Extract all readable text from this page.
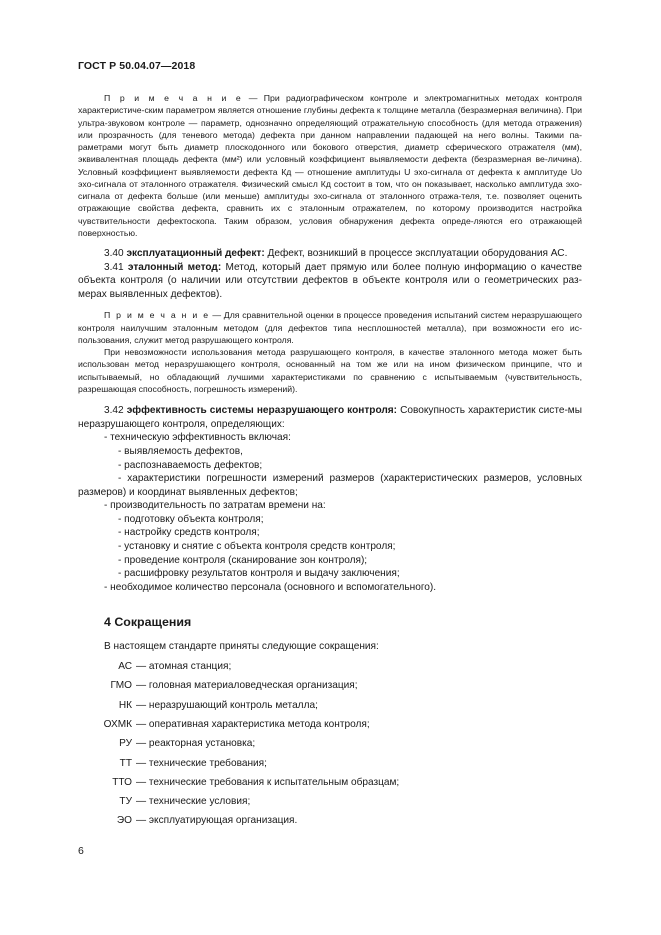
ГОСТ Р 50.04.07—2018

П р и м е ч а н и е — При радиографическом контроле и электромагнитных методах контроля характеристиче-ским параметром является отношение глубины дефекта к толщине металла (безразмерная величина). При ультра-звуковом контроле — параметр, однозначно определяющий отражательную способность (для метода отражения) или прозрачность (для теневого метода) дефекта при данном направлении падающей на него волны. Такими па-раметрами могут быть диаметр плоскодонного или бокового отверстия, диаметр сферического отражателя (мм), эквивалентная площадь дефекта (мм²) или условный коэффициент выявляемости дефекта (безразмерная ве-личина). Условный коэффициент выявляемости дефекта Кд — отношение амплитуды U эхо-сигнала от дефекта к амплитуде Uo эхо-сигнала от эталонного отражателя. Физический смысл Кд состоит в том, что он показывает, насколько амплитуда эхо-сигнала от дефекта больше (или меньше) амплитуды эхо-сигнала от эталонного отража-теля, т.е. позволяет оценить отражающие свойства дефекта, сравнить их с эталонным отражателем, по которому производится настройка чувствительности дефектоскопа. Таким образом, условия обнаружения дефекта опреде-ляются его отражающей поверхностью.

3.40 эксплуатационный дефект: Дефект, возникший в процессе эксплуатации оборудования АС.

3.41 эталонный метод: Метод, который дает прямую или более полную информацию о качестве объекта контроля (о наличии или отсутствии дефектов в объекте контроля или о геометрических раз-мерах выявленных дефектов).

П р и м е ч а н и е — Для сравнительной оценки в процессе проведения испытаний систем неразрушающего контроля наилучшим эталонным методом (для дефектов типа несплошностей металла), при возможности его ис-пользования, служит метод разрушающего контроля.

При невозможности использования метода разрушающего контроля, в качестве эталонного метода может быть использован метод неразрушающего контроля, основанный на том же или на ином физическом принципе, что и испытываемый, но обладающий лучшими характеристиками по сравнению с испытываемым (чувствительность, разрешающая способность, погрешность измерений).

3.42 эффективность системы неразрушающего контроля: Совокупность характеристик систе-мы неразрушающего контроля, определяющих:

- техническую эффективность включая:

- выявляемость дефектов,

- распознаваемость дефектов;

- характеристики погрешности измерений размеров (характеристических размеров, условных размеров) и координат выявленных дефектов;

- производительность по затратам времени на:

- подготовку объекта контроля;

- настройку средств контроля;

- установку и снятие с объекта контроля средств контроля;

- проведение контроля (сканирование зон контроля);

- расшифровку результатов контроля и выдачу заключения;

- необходимое количество персонала (основного и вспомогательного).

4 Сокращения

В настоящем стандарте приняты следующие сокращения:

АС — атомная станция;
ГМО — головная материаловедческая организация;
НК — неразрушающий контроль металла;
ОХМК — оперативная характеристика метода контроля;
РУ — реакторная установка;
ТТ — технические требования;
ТТО — технические требования к испытательным образцам;
ТУ — технические условия;
ЭО — эксплуатирующая организация.
6
